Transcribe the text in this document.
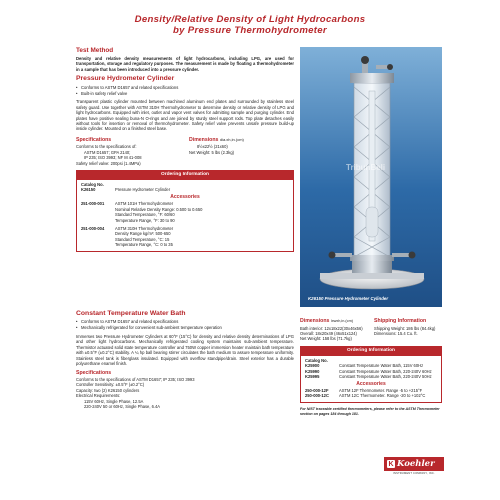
Density/Relative Density of Light Hydrocarbons
by Pressure Thermohydrometer
Test Method
Density and relative density measurements of light hydrocarbons, including LPG, are used for transportation, storage and regulatory purposes. The measurement is made by floating a thermohydrometer in a sample that has been introduced into a pressure cylinder.
Pressure Hydrometer Cylinder
• Conforms to ASTM D1657 and related specifications
• Built-in safety relief valve
Transparent plastic cylinder mounted between machined aluminum end plates and surrounded by stainless steel safety guard. Use together with ASTM 310H Thermohydrometer to determine density or relative density of LPG and light hydrocarbons. Equipped with inlet, outlet and vapor vent valves for admitting sample and purging cylinder. End plates have positive sealing buna-N O-rings and are joined by sturdy steel support rods. Top plate detaches easily without tools for insertion or removal of thermohydrometer. Safety relief valve prevents unsafe pressure build-up inside cylinder. Mounted on a finished steel base.
Specifications
Conforms to the specifications of:
ASTM D1657; GPA 2140;
IP 235; ISO 3993; NF M 41-008
Safety relief valve: 200psi (1.4MPa)
Dimensions dia.xh,in.(cm)
8½x22½ (21x60)
Net Weight: 5 lbs (2.3kg)
Ordering Information
Catalog No.
K26150	Pressure Hydrometer Cylinder
Accessories
251-000-001	ASTM 101H Thermohydrometer
Nominal Relative Density Range: 0.500 to 0.650
Standard Temperature, °F: 60/60
Temperature Range, °F: 30 to 90
251-000-004	ASTM 310H Thermohydrometer
Density Range kg/m³: 500-650
Standard Temperature, °C: 15
Temperature Range, °C: 0 to 35
TribunBeli
K26150 Pressure Hydrometer Cylinder
Constant Temperature Water Bath
• Conforms to ASTM D1657 and related specifications
• Mechanically refrigerated for convenient sub-ambient temperature operation
Immerses two Pressure Hydrometer Cylinders at 60°F (15°C) for density and relative density determinations of LPG and other light hydrocarbons. Mechanically refrigerated cooling system maintains sub-ambient temperature. Thermistor actuated solid state temperature controller and 750W copper immersion heater maintain bath temperature with ±0.5°F (±0.2°C) stability. A ¼ hp ball bearing stirrer circulates the bath medium to assure temperature uniformity. Stainless steel tank is fiberglass insulated. Equipped with overflow standpipe/drain. Steel exterior has a durable polyurethane enamel finish.
Specifications
Conforms to the specifications of ASTM D1657; IP 235; ISO 3993
Controller Sensitivity: ±0.5°F (±0.2°C)
Capacity: two (2) K26150 cylinders
Electrical Requirements:
115V 60Hz, Single Phase, 12.5A
220-240V 50 or 60Hz, Single Phase, 6.4A
Dimensions lxwxh,in.(cm)
Bath interior: 12x18x22(30x46x56)
Overall: 18x20x49 (46x51x124)
Net Weight: 158 lbs (71.7kg)
Shipping Information
Shipping Weight: 186 lbs (84.4kg)
Dimensions: 15.4 Cu. ft.
Ordering Information
Catalog No.
K25900	Constant Temperature Water Bath, 115V 60Hz
K25990	Constant Temperature Water Bath, 220-240V 60Hz
K25995	Constant Temperature Water Bath, 220-240V 50Hz
Accessories
250-000-12F	ASTM 12F Thermometer. Range -5 to +215°F
250-000-12C	ASTM 12C Thermometer. Range -20 to +102°C
For NIST traceable certified thermometers, please refer to the ASTM Thermometer section on pages 184 through 181.
K Koehler
INSTRUMENT COMPANY, INC.
